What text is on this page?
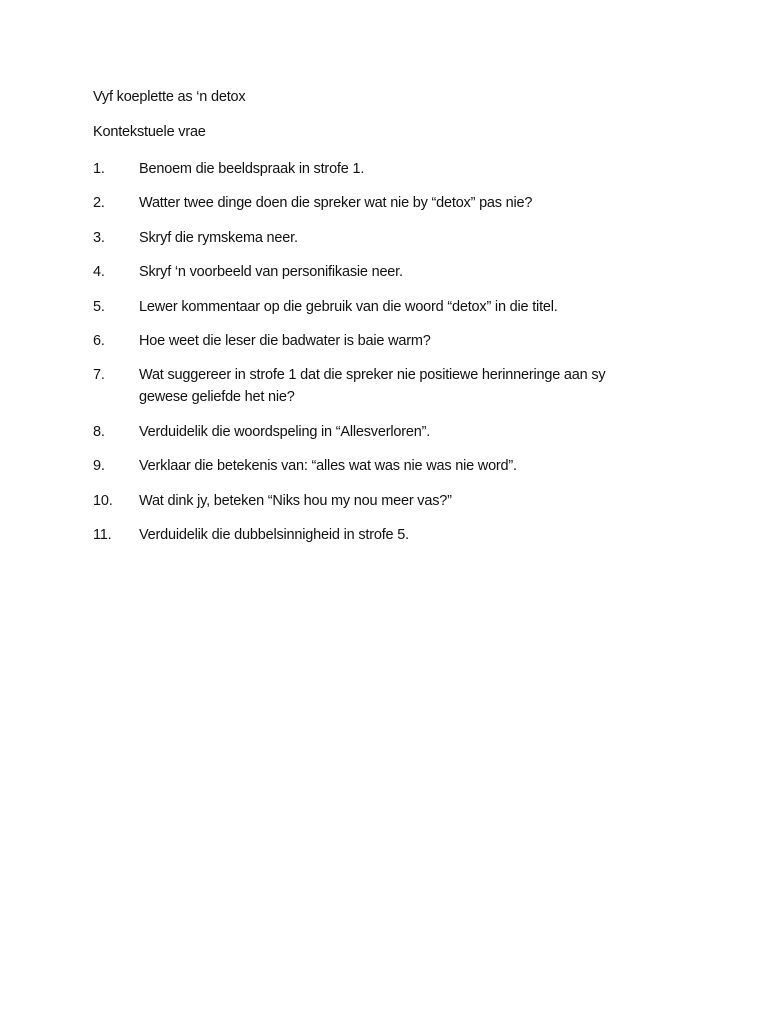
Vyf koeplette as ‘n detox
Kontekstuele vrae
1.	Benoem die beeldspraak in strofe 1.
2.	Watter twee dinge doen die spreker wat nie by “detox” pas nie?
3.	Skryf die rymskema neer.
4.	Skryf ‘n voorbeeld van personifikasie neer.
5.	Lewer kommentaar op die gebruik van die woord “detox” in die titel.
6.	Hoe weet die leser die badwater is baie warm?
7.	Wat suggereer in strofe 1 dat die spreker nie positiewe herinneringe aan sy gewese geliefde het nie?
8.	Verduidelik die woordspeling in “Allesverloren”.
9.	Verklaar die betekenis van: “alles wat was nie was nie word”.
10.	Wat dink jy, beteken “Niks hou my nou meer vas?”
11.	Verduidelik die dubbelsinnigheid in strofe 5.
